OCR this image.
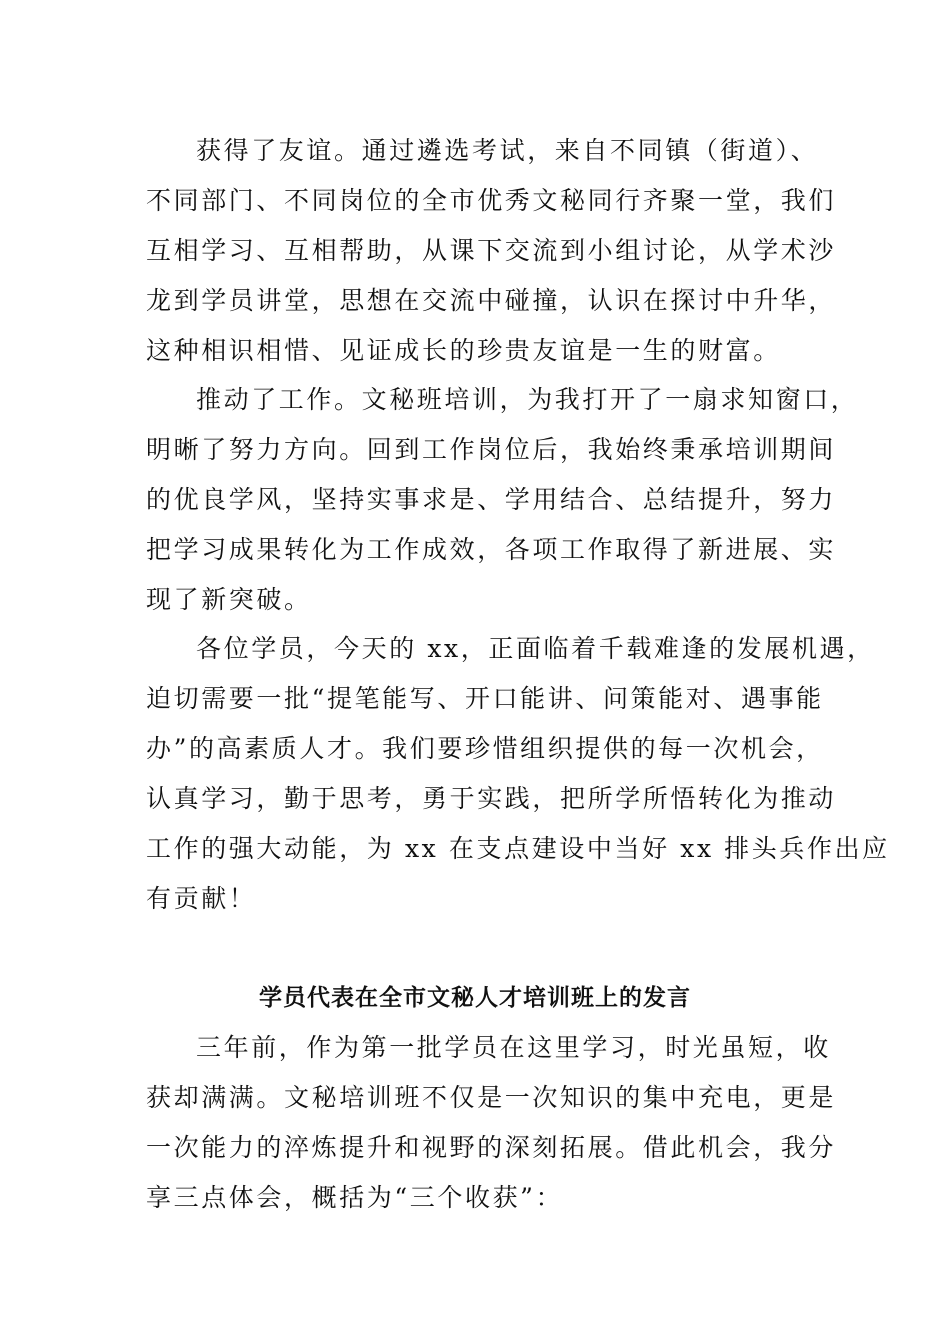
获得了友谊。通过遴选考试，来自不同镇（街道）、
不同部门、不同岗位的全市优秀文秘同行齐聚一堂，我们
互相学习、互相帮助，从课下交流到小组讨论，从学术沙
龙到学员讲堂，思想在交流中碰撞，认识在探讨中升华，
这种相识相惜、见证成长的珍贵友谊是一生的财富。
推动了工作。文秘班培训，为我打开了一扇求知窗口，
明晰了努力方向。回到工作岗位后，我始终秉承培训期间
的优良学风，坚持实事求是、学用结合、总结提升，努力
把学习成果转化为工作成效，各项工作取得了新进展、实
现了新突破。
各位学员，今天的 xx，正面临着千载难逢的发展机遇，
迫切需要一批“提笔能写、开口能讲、问策能对、遇事能
办”的高素质人才。我们要珍惜组织提供的每一次机会，
认真学习，勤于思考，勇于实践，把所学所悟转化为推动
工作的强大动能，为 xx 在支点建设中当好 xx 排头兵作出应
有贡献！
学员代表在全市文秘人才培训班上的发言
三年前，作为第一批学员在这里学习，时光虽短，收
获却满满。文秘培训班不仅是一次知识的集中充电，更是
一次能力的淬炼提升和视野的深刻拓展。借此机会，我分
享三点体会，概括为“三个收获”：
